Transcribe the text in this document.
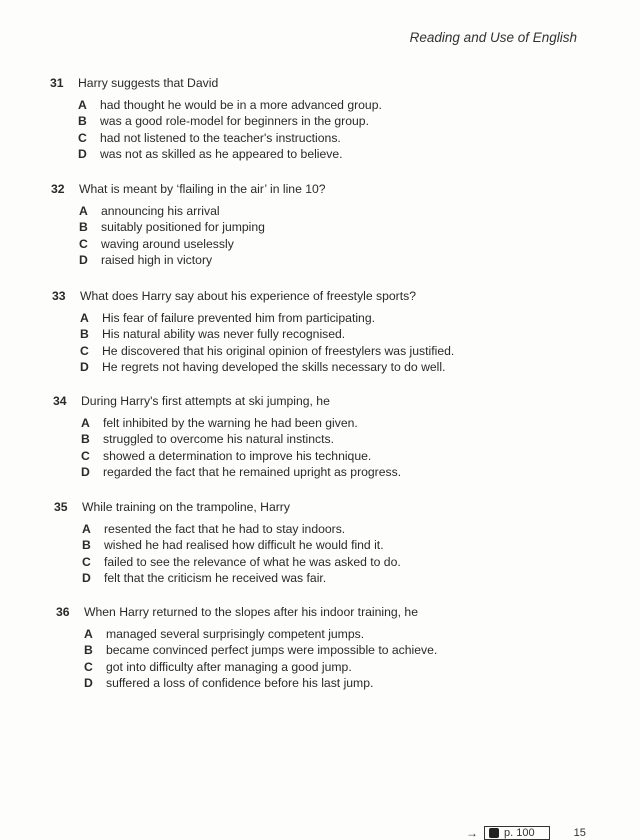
Reading and Use of English
31	Harry suggests that David
A	had thought he would be in a more advanced group.
B	was a good role-model for beginners in the group.
C	had not listened to the teacher's instructions.
D	was not as skilled as he appeared to believe.
32	What is meant by ‘flailing in the air’ in line 10?
A	announcing his arrival
B	suitably positioned for jumping
C	waving around uselessly
D	raised high in victory
33	What does Harry say about his experience of freestyle sports?
A	His fear of failure prevented him from participating.
B	His natural ability was never fully recognised.
C	He discovered that his original opinion of freestylers was justified.
D	He regrets not having developed the skills necessary to do well.
34	During Harry's first attempts at ski jumping, he
A	felt inhibited by the warning he had been given.
B	struggled to overcome his natural instincts.
C	showed a determination to improve his technique.
D	regarded the fact that he remained upright as progress.
35	While training on the trampoline, Harry
A	resented the fact that he had to stay indoors.
B	wished he had realised how difficult he would find it.
C	failed to see the relevance of what he was asked to do.
D	felt that the criticism he received was fair.
36	When Harry returned to the slopes after his indoor training, he
A	managed several surprisingly competent jumps.
B	became convinced perfect jumps were impossible to achieve.
C	got into difficulty after managing a good jump.
D	suffered a loss of confidence before his last jump.
→ p. 100	15
